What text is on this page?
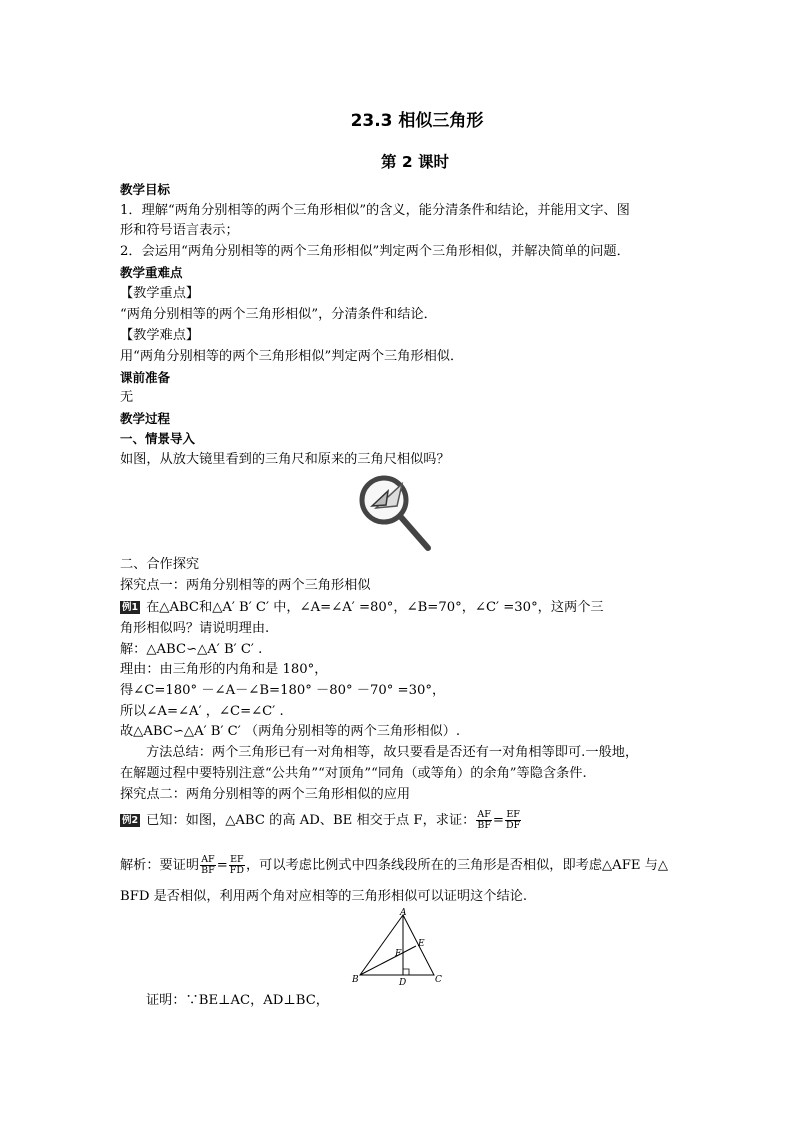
23.3 相似三角形
第 2 课时
教学目标
1．理解“两角分别相等的两个三角形相似”的含义，能分清条件和结论，并能用文字、图
形和符号语言表示；
2．会运用“两角分别相等的两个三角形相似”判定两个三角形相似，并解决简单的问题．
教学重难点
【教学重点】
“两角分别相等的两个三角形相似”，分清条件和结论．
【教学难点】
用“两角分别相等的两个三角形相似”判定两个三角形相似．
课前准备
无
教学过程
一、情景导入
如图，从放大镜里看到的三角尺和原来的三角尺相似吗？
二、合作探究
探究点一：两角分别相等的两个三角形相似
例1 在△ABC和△A′ B′ C′ 中，∠A=∠A′ =80°，∠B=70°，∠C′ =30°，这两个三
角形相似吗？请说明理由.
解：△ABC∽△A′ B′ C′ .
理由：由三角形的内角和是 180°，
得∠C=180° －∠A－∠B=180° －80° －70° =30°，
所以∠A=∠A′ ，∠C=∠C′ .
故△ABC∽△A′ B′ C′ （两角分别相等的两个三角形相似）.
方法总结：两个三角形已有一对角相等，故只要看是否还有一对角相等即可.一般地，
在解题过程中要特别注意“公共角”“对顶角”“同角（或等角）的余角”等隐含条件.
探究点二：两角分别相等的两个三角形相似的应用
例2 已知：如图，△ABC 的高 AD、BE 相交于点 F，求证： $\frac{AF}{BF} = \frac{EF}{DF}$
解析：要证明 $\frac{AF}{BF} = \frac{EF}{FD}$ ，可以考虑比例式中四条线段所在的三角形是否相似，即考虑△AFE 与△
BFD 是否相似，利用两个角对应相等的三角形相似可以证明这个结论.
A
B	C
D
E
F
证明：∵BE⊥AC，AD⊥BC，
